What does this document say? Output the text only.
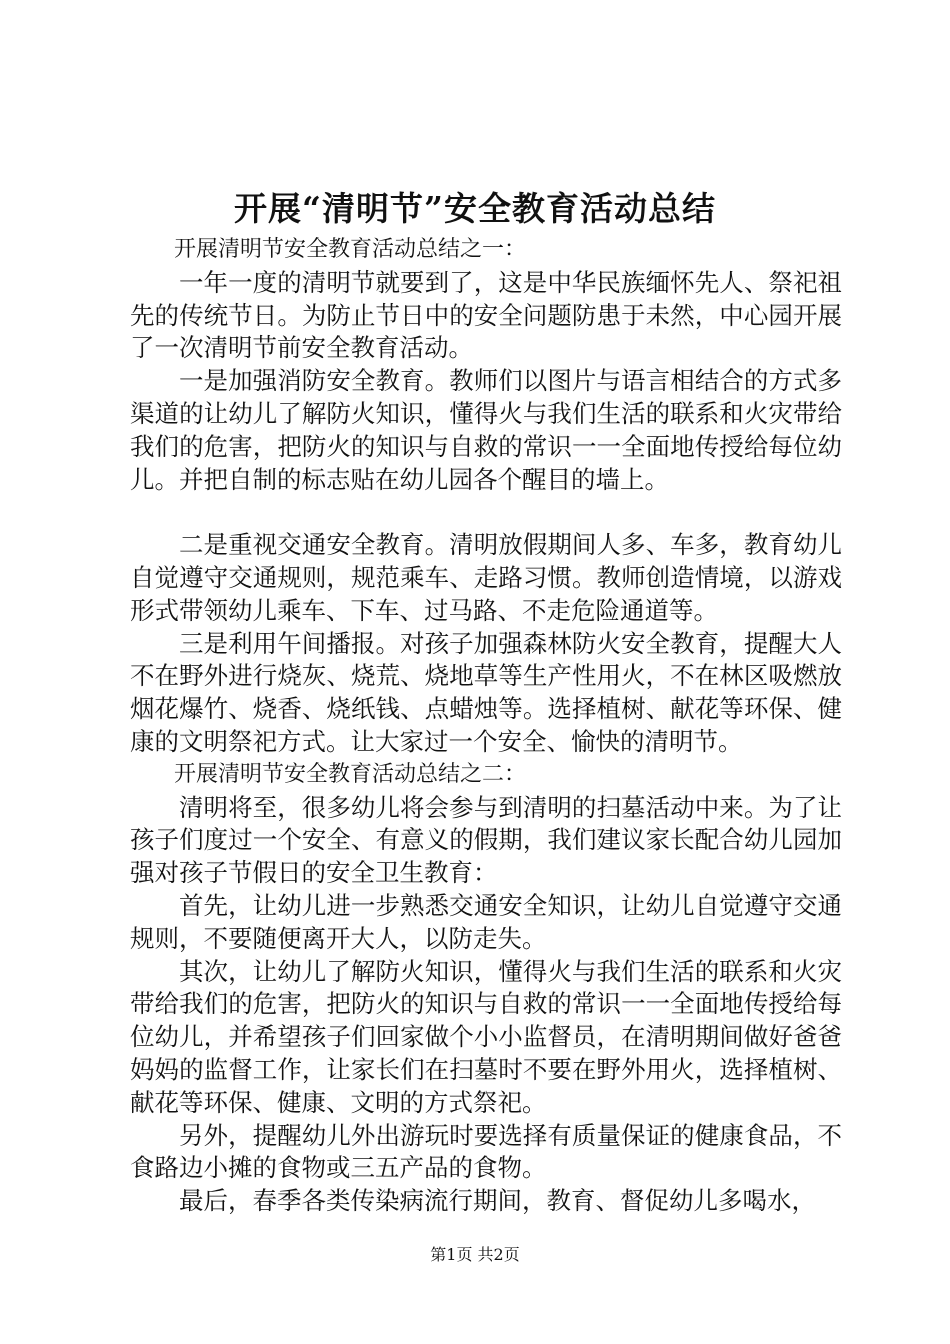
开展“清明节”安全教育活动总结

开展清明节安全教育活动总结之一：

一年一度的清明节就要到了，这是中华民族缅怀先人、祭祀祖先的传统节日。为防止节日中的安全问题防患于未然，中心园开展了一次清明节前安全教育活动。

一是加强消防安全教育。教师们以图片与语言相结合的方式多渠道的让幼儿了解防火知识，懂得火与我们生活的联系和火灾带给我们的危害，把防火的知识与自救的常识一一全面地传授给每位幼儿。并把自制的标志贴在幼儿园各个醒目的墙上。

二是重视交通安全教育。清明放假期间人多、车多，教育幼儿自觉遵守交通规则，规范乘车、走路习惯。教师创造情境，以游戏形式带领幼儿乘车、下车、过马路、不走危险通道等。

三是利用午间播报。对孩子加强森林防火安全教育，提醒大人不在野外进行烧灰、烧荒、烧地草等生产性用火，不在林区吸燃放烟花爆竹、烧香、烧纸钱、点蜡烛等。选择植树、献花等环保、健康的文明祭祀方式。让大家过一个安全、愉快的清明节。

开展清明节安全教育活动总结之二：

清明将至，很多幼儿将会参与到清明的扫墓活动中来。为了让孩子们度过一个安全、有意义的假期，我们建议家长配合幼儿园加强对孩子节假日的安全卫生教育：

首先，让幼儿进一步熟悉交通安全知识，让幼儿自觉遵守交通规则，不要随便离开大人，以防走失。

其次，让幼儿了解防火知识，懂得火与我们生活的联系和火灾带给我们的危害，把防火的知识与自救的常识一一全面地传授给每位幼儿，并希望孩子们回家做个小小监督员，在清明期间做好爸爸妈妈的监督工作，让家长们在扫墓时不要在野外用火，选择植树、献花等环保、健康、文明的方式祭祀。

另外，提醒幼儿外出游玩时要选择有质量保证的健康食品，不食路边小摊的食物或三五产品的食物。

最后，春季各类传染病流行期间，教育、督促幼儿多喝水，

第1页 共2页
